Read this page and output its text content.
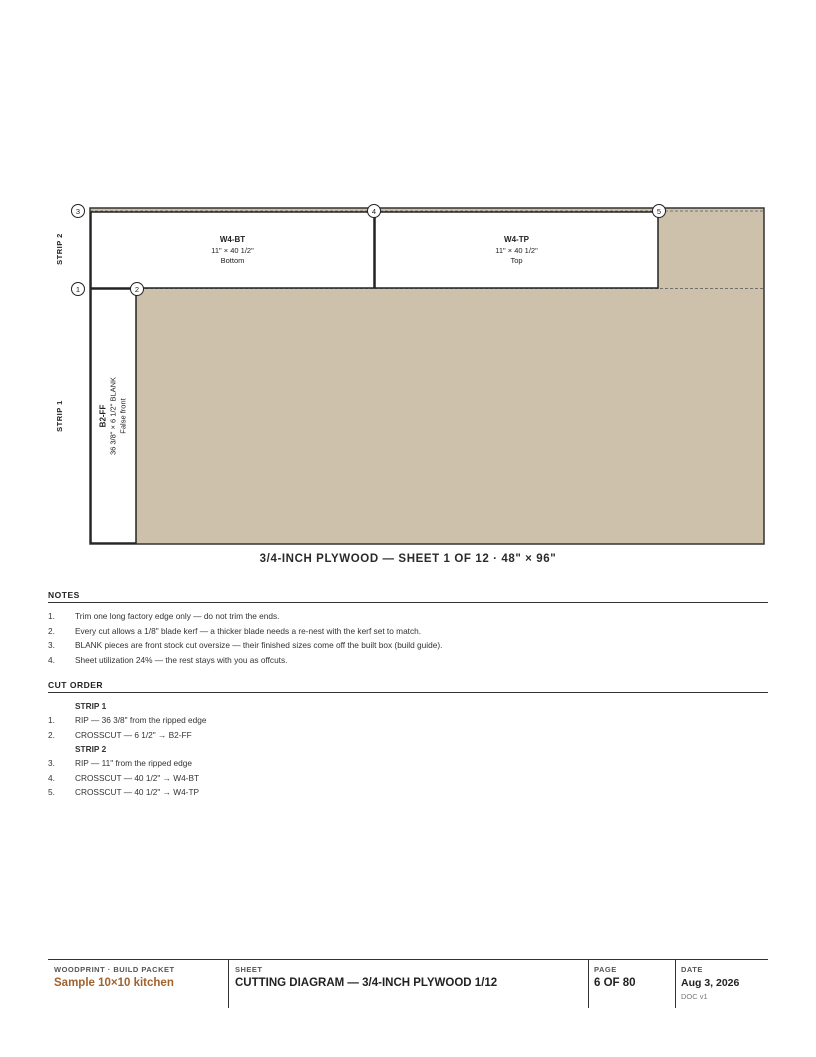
W4-BT
11" × 40 1/2"
Bottom
W4-TP
11" × 40 1/2"
Top
B2-FF 36 3/8" × 6 1/2" BLANK False front
STRIP 2
STRIP 1
1	2
3	4	5
3/4-INCH PLYWOOD — SHEET 1 OF 12 · 48" × 96"
NOTES
1. Trim one long factory edge only — do not trim the ends.
2. Every cut allows a 1/8" blade kerf — a thicker blade needs a re-nest with the kerf set to match.
3. BLANK pieces are front stock cut oversize — their finished sizes come off the built box (build guide).
4. Sheet utilization 24% — the rest stays with you as offcuts.
CUT ORDER
STRIP 1
1. RIP — 36 3/8" from the ripped edge
2. CROSSCUT — 6 1/2" → B2-FF
STRIP 2
3. RIP — 11" from the ripped edge
4. CROSSCUT — 40 1/2" → W4-BT
5. CROSSCUT — 40 1/2" → W4-TP
WOODPRINT · BUILD PACKET
Sample 10×10 kitchen
SHEET
CUTTING DIAGRAM — 3/4-INCH PLYWOOD 1/12
PAGE
6 OF 80
DATE
Aug 3, 2026
DOC v1
